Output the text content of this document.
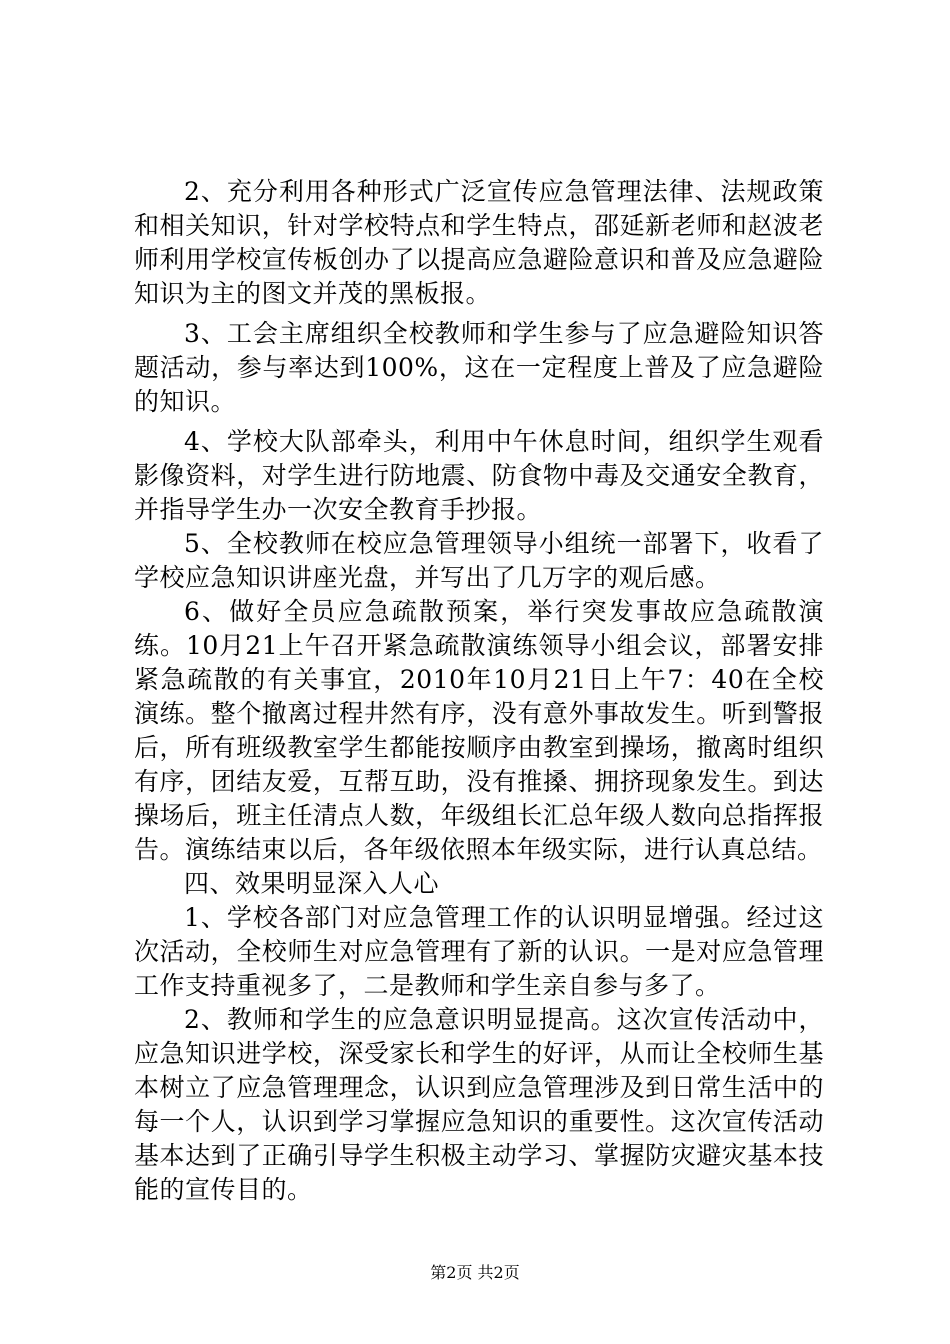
2、充分利用各种形式广泛宣传应急管理法律、法规政策和相关知识，针对学校特点和学生特点，邵延新老师和赵波老师利用学校宣传板创办了以提高应急避险意识和普及应急避险知识为主的图文并茂的黑板报。

3、工会主席组织全校教师和学生参与了应急避险知识答题活动，参与率达到100%，这在一定程度上普及了应急避险的知识。

4、学校大队部牵头，利用中午休息时间，组织学生观看影像资料，对学生进行防地震、防食物中毒及交通安全教育，并指导学生办一次安全教育手抄报。

5、全校教师在校应急管理领导小组统一部署下，收看了学校应急知识讲座光盘，并写出了几万字的观后感。

6、做好全员应急疏散预案，举行突发事故应急疏散演练。10月21上午召开紧急疏散演练领导小组会议，部署安排紧急疏散的有关事宜，2010年10月21日上午7：40在全校演练。整个撤离过程井然有序，没有意外事故发生。听到警报后，所有班级教室学生都能按顺序由教室到操场，撤离时组织有序，团结友爱，互帮互助，没有推搡、拥挤现象发生。到达操场后，班主任清点人数，年级组长汇总年级人数向总指挥报告。演练结束以后，各年级依照本年级实际，进行认真总结。

四、效果明显深入人心

1、学校各部门对应急管理工作的认识明显增强。经过这次活动，全校师生对应急管理有了新的认识。一是对应急管理工作支持重视多了，二是教师和学生亲自参与多了。

2、教师和学生的应急意识明显提高。这次宣传活动中，应急知识进学校，深受家长和学生的好评，从而让全校师生基本树立了应急管理理念，认识到应急管理涉及到日常生活中的每一个人，认识到学习掌握应急知识的重要性。这次宣传活动基本达到了正确引导学生积极主动学习、掌握防灾避灾基本技能的宣传目的。

第2页 共2页
